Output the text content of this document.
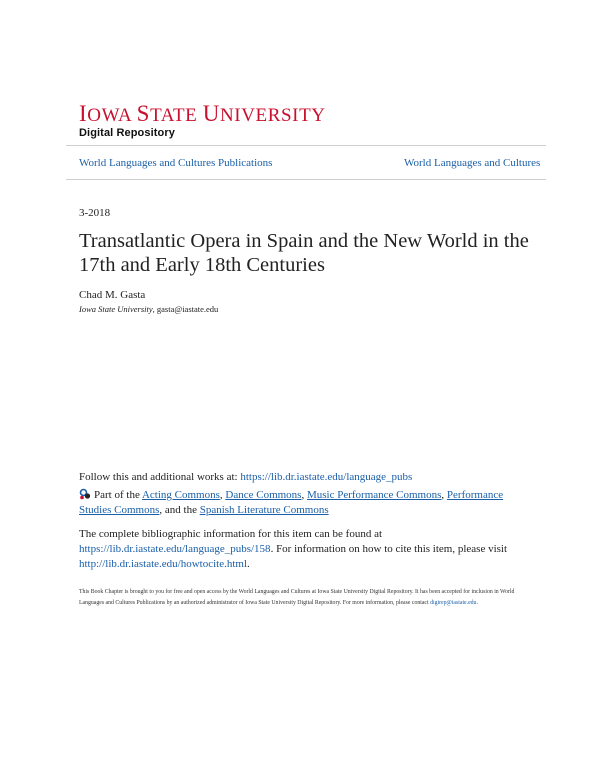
IOWA STATE UNIVERSITY
Digital Repository
World Languages and Cultures Publications	World Languages and Cultures
3-2018
Transatlantic Opera in Spain and the New World in the 17th and Early 18th Centuries
Chad M. Gasta
Iowa State University, gasta@iastate.edu
Follow this and additional works at: https://lib.dr.iastate.edu/language_pubs
Part of the Acting Commons, Dance Commons, Music Performance Commons, Performance Studies Commons, and the Spanish Literature Commons
The complete bibliographic information for this item can be found at https://lib.dr.iastate.edu/language_pubs/158. For information on how to cite this item, please visit http://lib.dr.iastate.edu/howtocite.html.
This Book Chapter is brought to you for free and open access by the World Languages and Cultures at Iowa State University Digital Repository. It has been accepted for inclusion in World Languages and Cultures Publications by an authorized administrator of Iowa State University Digital Repository. For more information, please contact digirep@iastate.edu.
